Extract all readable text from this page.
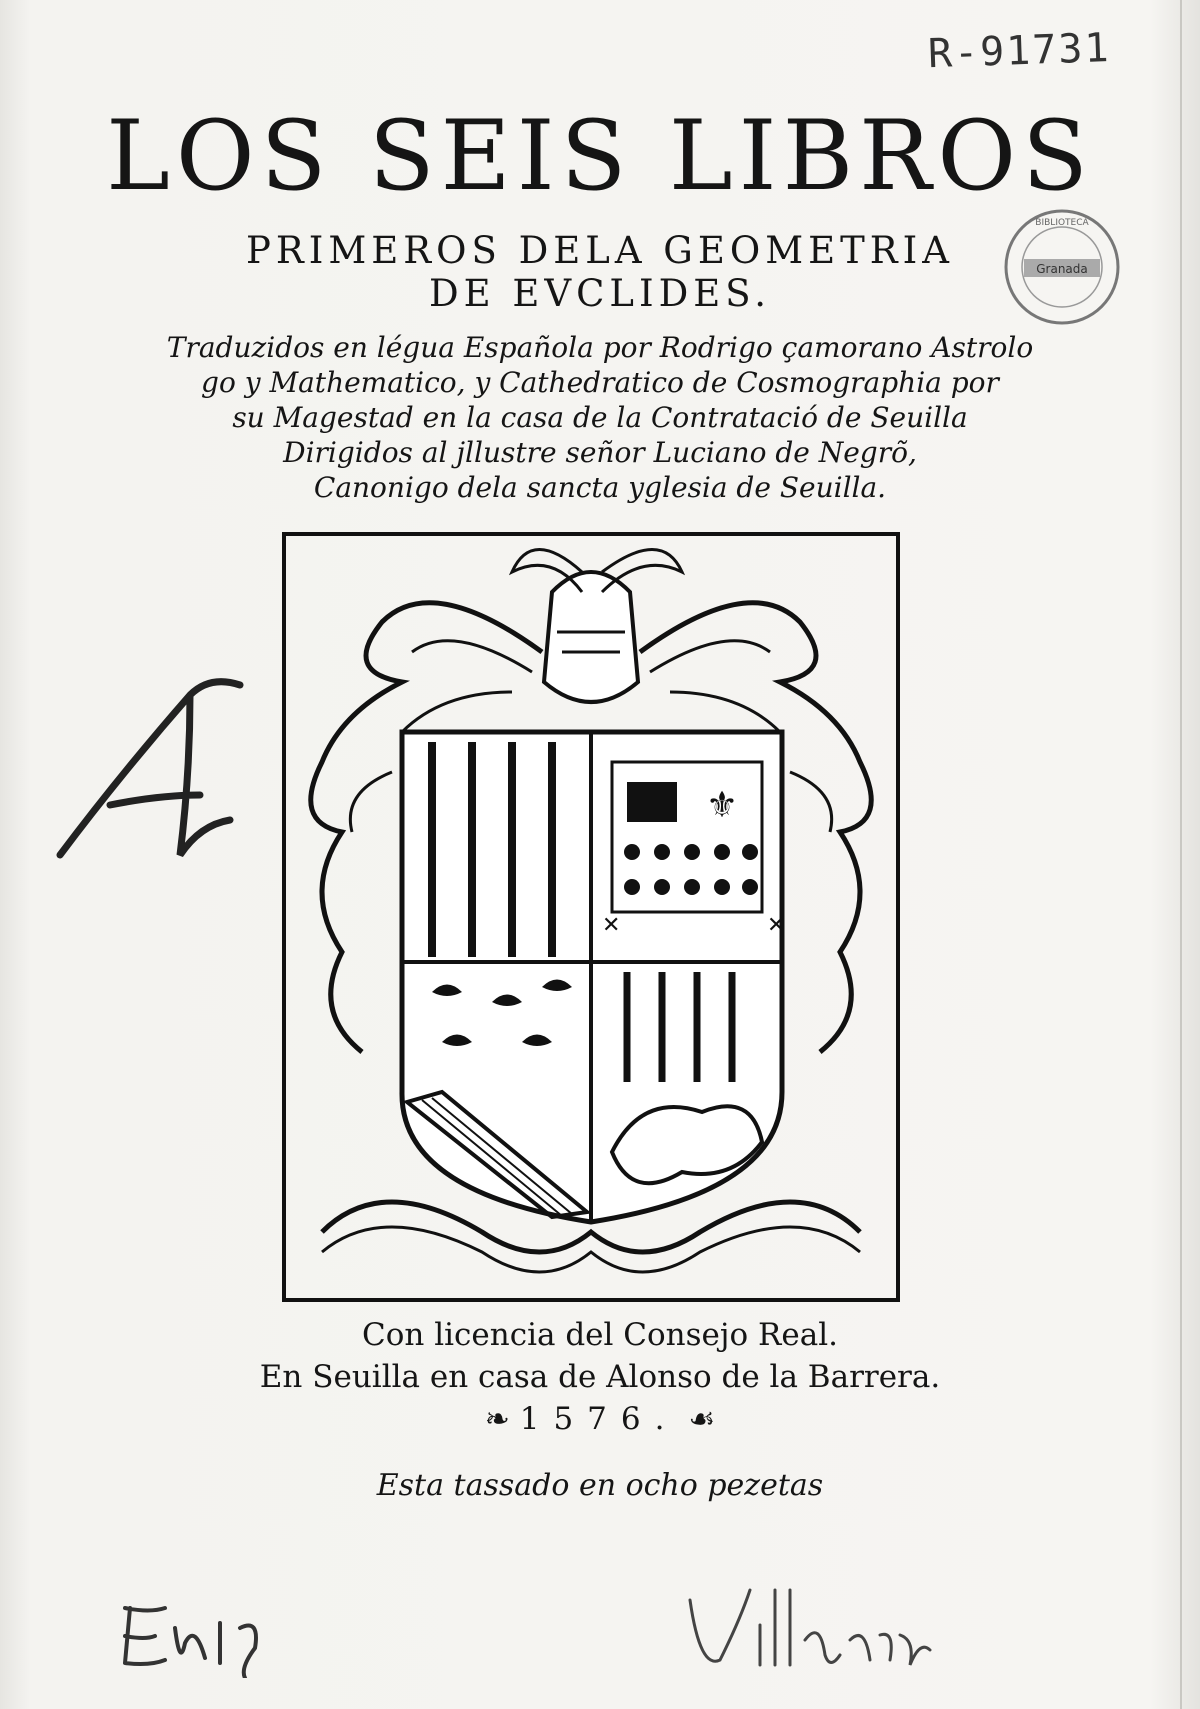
R-91731
LOS SEIS LIBROS
PRIMEROS DELA GEOMETRIA
DE EVCLIDES.
Traduzidos en légua Española por Rodrigo çamorano Astrolo
go y Mathematico, y Cathedratico de Cosmographia por
su Magestad en la casa de la Contratació de Seuilla
Dirigidos al jllustre señor Luciano de Negrõ,
Canonigo dela sancta yglesia de Seuilla.
Granada
BIBLIOTECA
⚜
✕	✕
Con licencia del Consejo Real.
En Seuilla en casa de Alonso de la Barrera.
❧ 1576. ☙
Esta tassado en ocho pezetas
